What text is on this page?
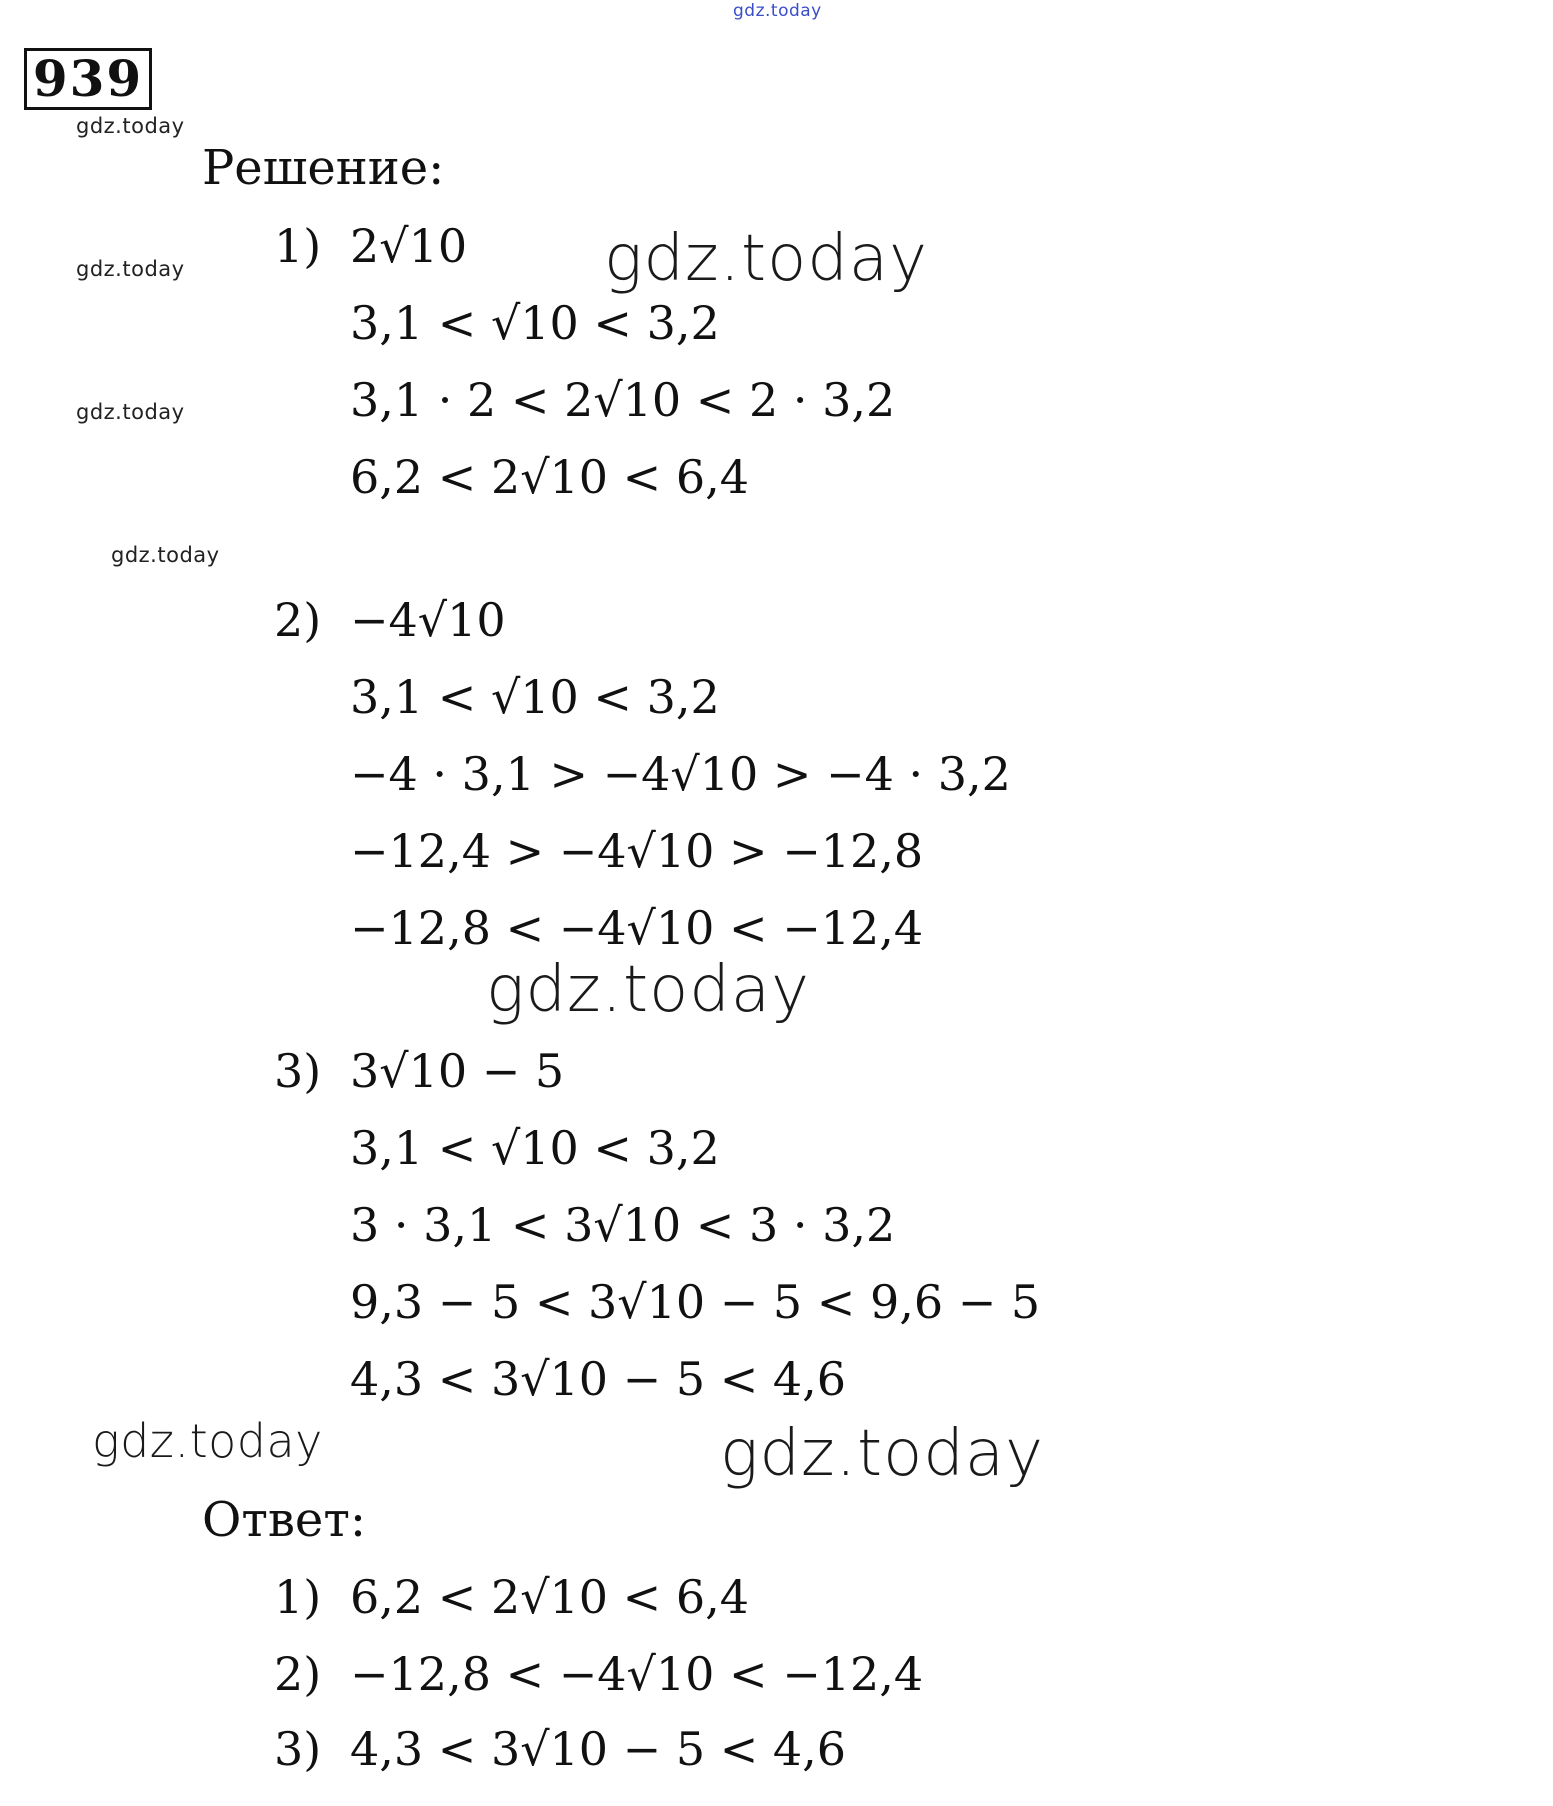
gdz.today
gdz.today
gdz.today
gdz.today
gdz.today
gdz.today
gdz.today
gdz.today	gdz.today
939
Решение:
1) 2√10
3,1 < √10 < 3,2
3,1 · 2 < 2√10 < 2 · 3,2
6,2 < 2√10 < 6,4
2) −4√10
3,1 < √10 < 3,2
−4 · 3,1 > −4√10 > −4 · 3,2
−12,4 > −4√10 > −12,8
−12,8 < −4√10 < −12,4
3) 3√10 − 5
3,1 < √10 < 3,2
3 · 3,1 < 3√10 < 3 · 3,2
9,3 − 5 < 3√10 − 5 < 9,6 − 5
4,3 < 3√10 − 5 < 4,6
Ответ:
1) 6,2 < 2√10 < 6,4
2) −12,8 < −4√10 < −12,4
3) 4,3 < 3√10 − 5 < 4,6
